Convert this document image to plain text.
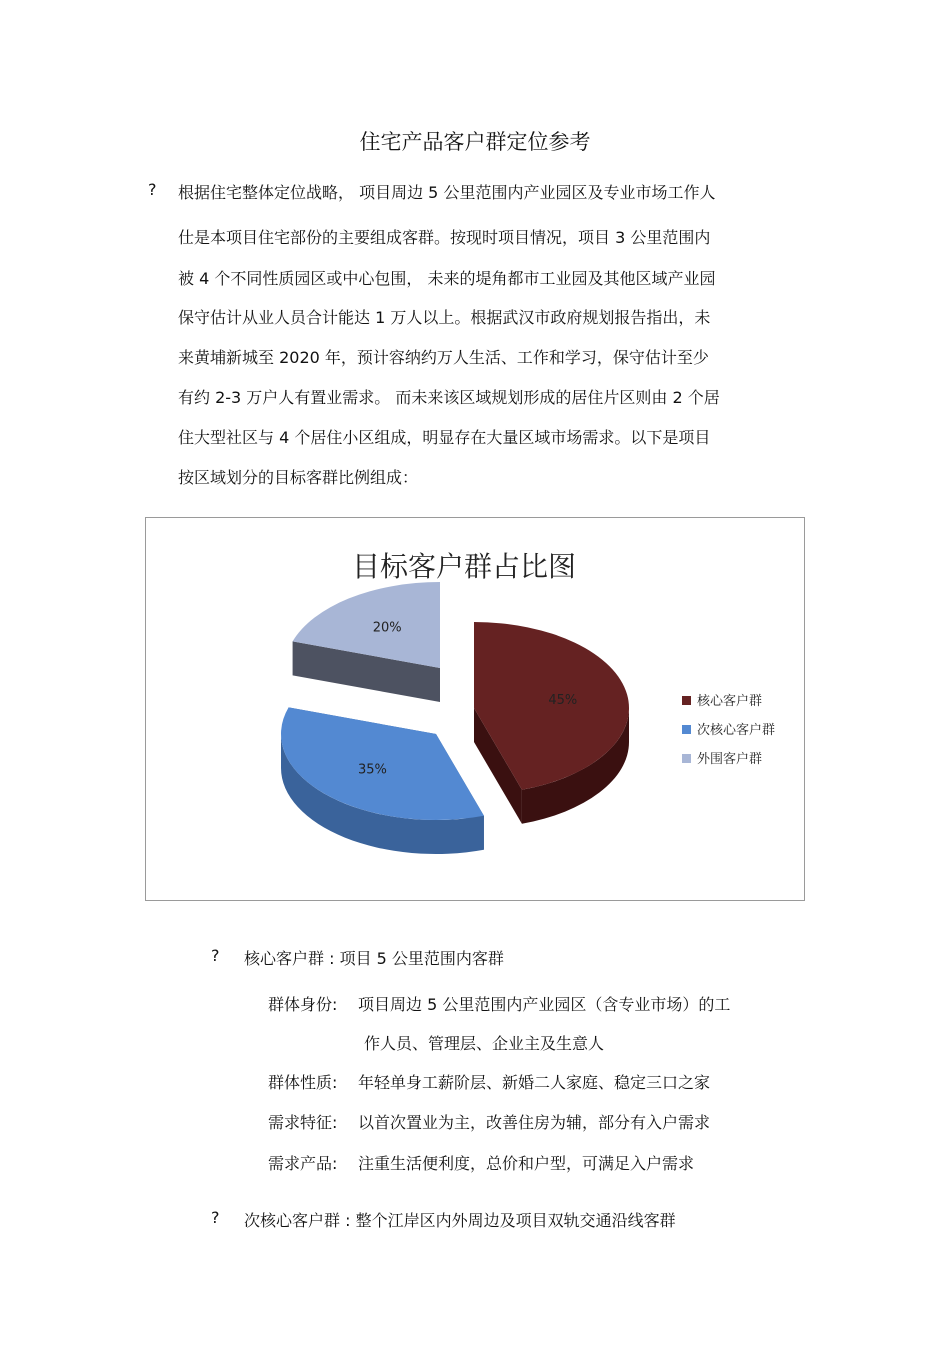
住宅产品客户群定位参考
? 根据住宅整体定位战略， 项目周边 5 公里范围内产业园区及专业市场工作人
仕是本项目住宅部份的主要组成客群。按现时项目情况，项目 3 公里范围内
被 4 个不同性质园区或中心包围， 未来的堤角都市工业园及其他区域产业园
保守估计从业人员合计能达 1 万人以上。根据武汉市政府规划报告指出，未
来黄埔新城至 2020 年，预计容纳约万人生活、工作和学习，保守估计至少
有约 2-3 万户人有置业需求。 而未来该区域规划形成的居住片区则由 2 个居
住大型社区与 4 个居住小区组成，明显存在大量区域市场需求。以下是项目
按区域划分的目标客群比例组成：
目标客户群占比图
45%
35%
20%
核心客户群
次核心客户群
外围客户群
? 核心客户群 : 项目 5 公里范围内客群
群体身份: 项目周边 5 公里范围内产业园区（含专业市场）的工
作人员、管理层、企业主及生意人
群体性质: 年轻单身工薪阶层、新婚二人家庭、稳定三口之家
需求特征: 以首次置业为主，改善住房为辅，部分有入户需求
需求产品: 注重生活便利度，总价和户型，可满足入户需求
? 次核心客户群 : 整个江岸区内外周边及项目双轨交通沿线客群
